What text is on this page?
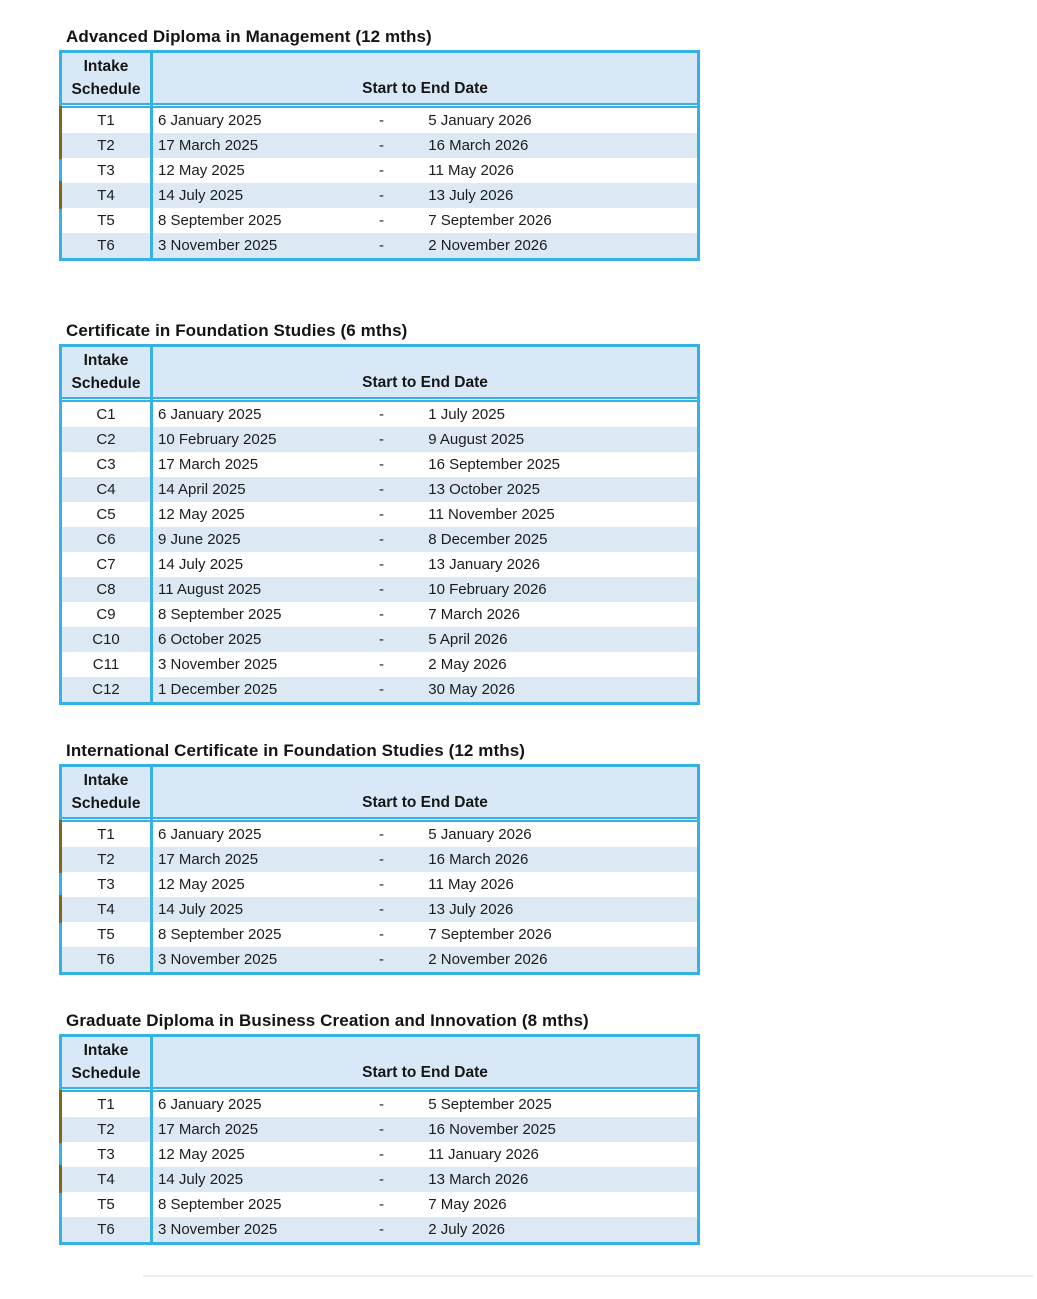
Advanced Diploma in Management (12 mths)
Intake Schedule	Start to End Date
T1	6 January 2025	-	5 January 2026
T2	17 March 2025	-	16 March 2026
T3	12 May 2025	-	11 May 2026
T4	14 July 2025	-	13 July 2026
T5	8 September 2025	-	7 September 2026
T6	3 November 2025	-	2 November 2026
Certificate in Foundation Studies (6 mths)
Intake Schedule	Start to End Date
C1	6 January 2025	-	1 July 2025
C2	10 February 2025	-	9 August 2025
C3	17 March 2025	-	16 September 2025
C4	14 April 2025	-	13 October 2025
C5	12 May 2025	-	11 November 2025
C6	9 June 2025	-	8 December 2025
C7	14 July 2025	-	13 January 2026
C8	11 August 2025	-	10 February 2026
C9	8 September 2025	-	7 March 2026
C10	6 October 2025	-	5 April 2026
C11	3 November 2025	-	2 May 2026
C12	1 December 2025	-	30 May 2026
International Certificate in Foundation Studies (12 mths)
Intake Schedule	Start to End Date
T1	6 January 2025	-	5 January 2026
T2	17 March 2025	-	16 March 2026
T3	12 May 2025	-	11 May 2026
T4	14 July 2025	-	13 July 2026
T5	8 September 2025	-	7 September 2026
T6	3 November 2025	-	2 November 2026
Graduate Diploma in Business Creation and Innovation (8 mths)
Intake Schedule	Start to End Date
T1	6 January 2025	-	5 September 2025
T2	17 March 2025	-	16 November 2025
T3	12 May 2025	-	11 January 2026
T4	14 July 2025	-	13 March 2026
T5	8 September 2025	-	7 May 2026
T6	3 November 2025	-	2 July 2026
